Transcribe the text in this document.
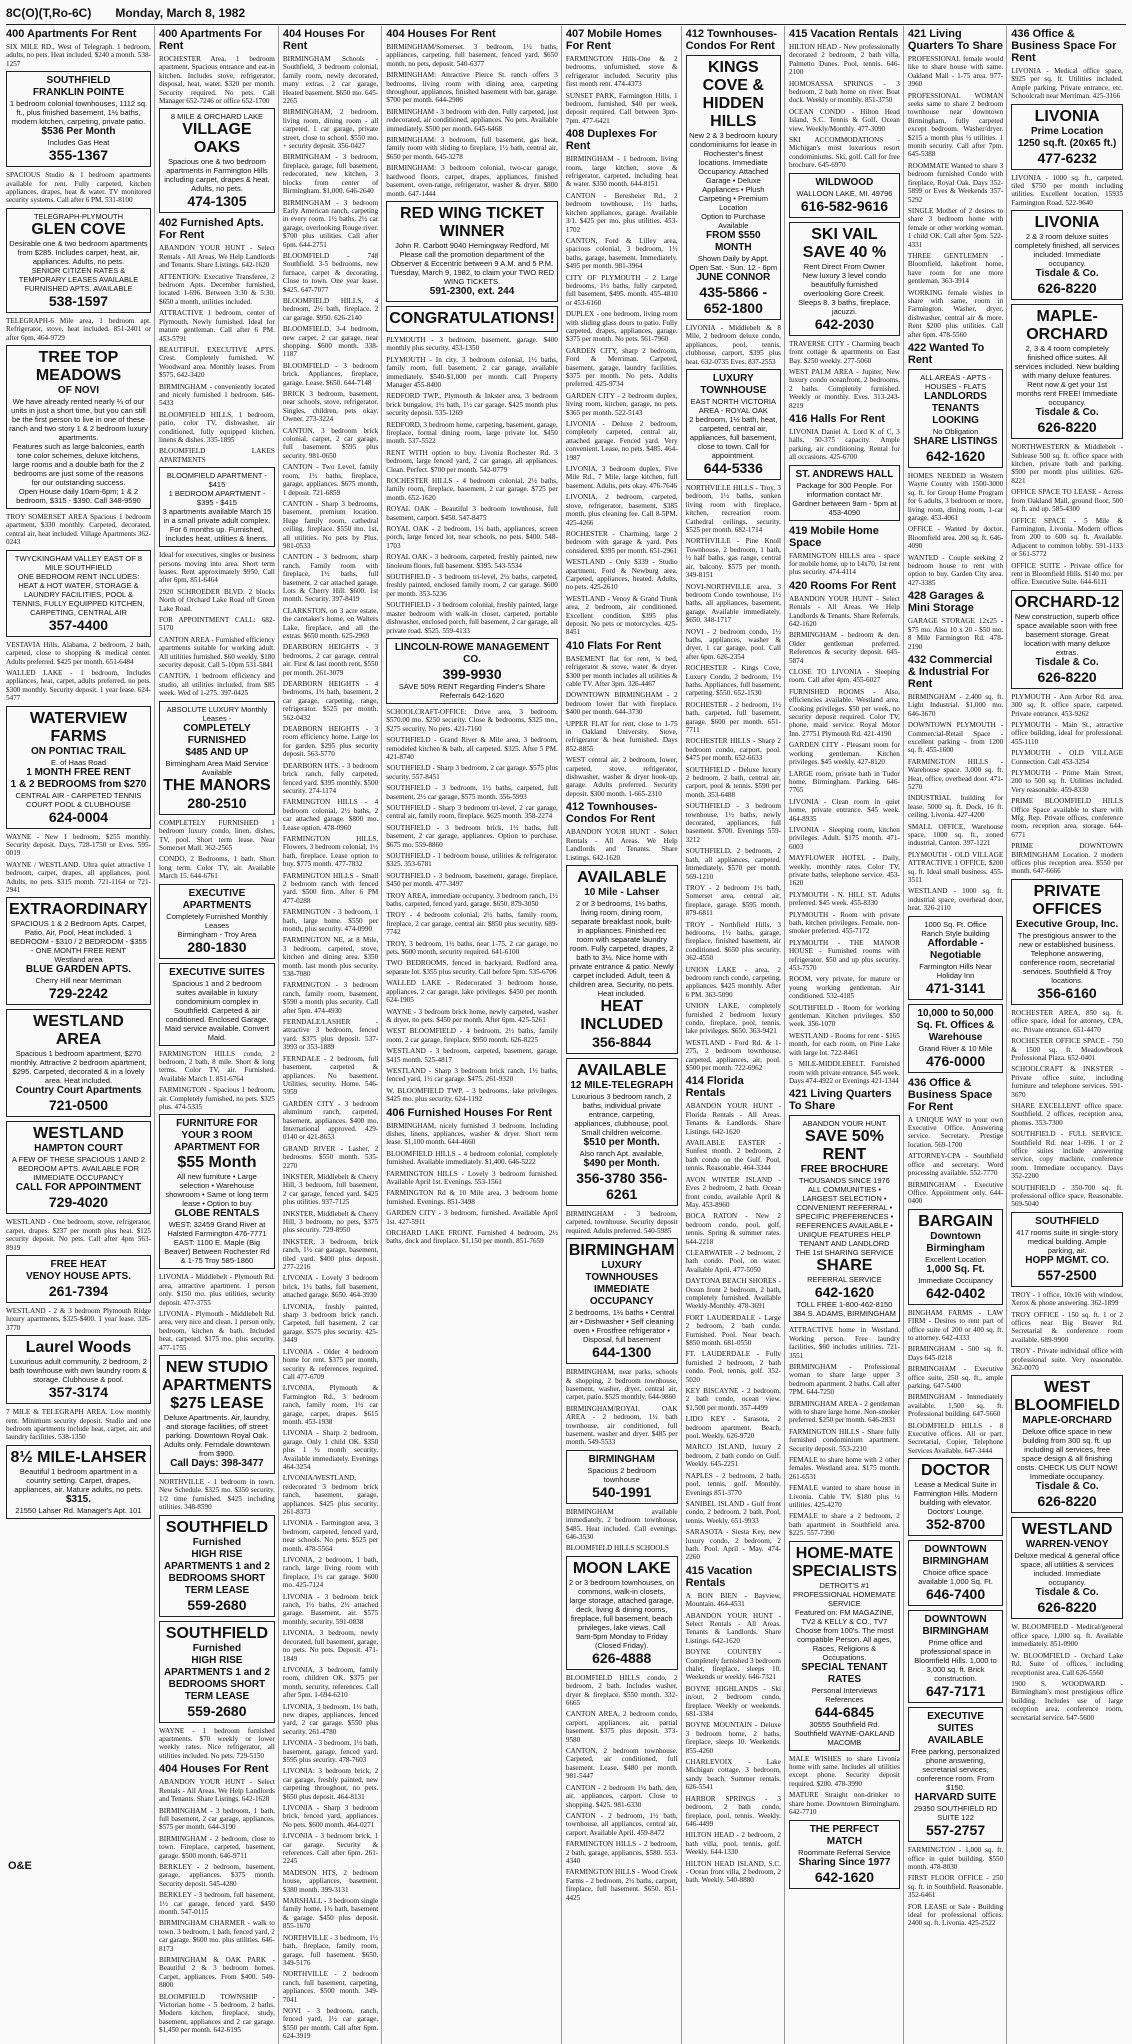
8C(O)(T,Ro-6C) Monday, March 8, 1982
400 Apartments For Rent
SIX MILE RD., West of Telegraph. 1 bedroom, adults, no pets. Heat included. $240 a month. 538-1257
SOUTHFIELD
FRANKLIN POINTE
1 bedroom colonial townhouses, 1112 sq. ft., plus finished basement, 1½ baths, modern kitchen, carpeting, private patio.
$536 Per Month
Includes Gas Heat
355-1367
SPACIOUS Studio & 1 bedroom apartments available for rent. Fully carpeted, kitchen appliances, drapes, heat & water. TV monitored security systems. Call after 6 PM. 531-8100
TELEGRAPH-PLYMOUTH
GLEN COVE
Desirable one & two bedroom apartments from $285. Includes carpet, heat, air, appliances. Adults, no pets.
SENIOR CITIZEN RATES & TEMPORARY LEASES AVAILABLE FURNISHED APTS. AVAILABLE
538-1597
TELEGRAPH-6 Mile area, 1 bedroom apt. Refrigerator, stove, heat included. 851-2401 or after 6pm, 464-9729
TREE TOP MEADOWS
OF NOVI
We have already rented nearly ⅔ of our units in just a short time, but you can still be the first person to live in one of these ranch and two story 1 & 2 bedroom luxury apartments.
Features such as large balconies, earth tone color schemes, deluxe kitchens, large rooms and a double bath for the 2 bedrooms are just some of the reasons for our outstanding success.
Open House daily 10am-6pm; 1 & 2 bedroom, $315 - $390. Call 348-9590
TROY SOMERSET AREA Spacious 1 bedroom apartment, $330 monthly. Carpeted, decorated, central air, heat included. Village Apartments 362-0243
TWYCKINGHAM VALLEY EAST OF 8 MILE SOUTHFIELD
ONE BEDROOM RENT INCLUDES: HEAT & HOT WATER, STORAGE & LAUNDRY FACILITIES, POOL & TENNIS, FULLY EQUIPPED KITCHEN, CARPETING, CENTRAL AIR
357-4400
VESTAVIA Hills, Alabama, 2 bedroom, 2 bath, carpeted, close to shopping & medical center. Adults preferred. $425 per month. 651-6484
WALLED LAKE - 1 bedroom, Includes appliances, heat, carpet, adults preferred, no pets. $300 monthly. Security deposit. 1 year lease. 624-5477
WATERVIEW FARMS
ON PONTIAC TRAIL
E. of Haas Road
1 MONTH FREE RENT
1 & 2 BEDROOMS from $270
CENTRAL AIR - CARPETED TENNIS COURT POOL & CLUBHOUSE
624-0004
WAYNE - New 1 bedroom, $255 monthly. Security deposit. Days, 728-1750 or Eves. 595-0019
WAYNE / WESTLAND. Ultra quiet attractive 1 bedroom, carpet, drapes, all appliances, pool. Adults, no pets. $315 month. 721-1164 or 721-2941
EXTRAORDINARY
SPACIOUS 1 & 2 Bedroom Apts. Carpet, Patio, Air, Pool, Heat included. 1 BEDROOM - $310 / 2 BEDROOM - $355 - ONE MONTH FREE RENT
Westland area
BLUE GARDEN APTS.
Cherry Hill near Merriman
729-2242
WESTLAND AREA
Spacious 1 bedroom apartment, $270 monthly. Attractive 2 bedroom apartment, $295. Carpeted, decorated & in a lovely area. Heat included.
Country Court Apartments
721-0500
WESTLAND
HAMPTON COURT
A FEW OF THESE SPACIOUS 1 AND 2 BEDROOM APTS. AVAILABLE FOR IMMEDIATE OCCUPANCY
CALL FOR APPOINTMENT
729-4020
WESTLAND - One bedroom, stove, refrigerator, carpet, drapes. $237 per month plus heat. $125 security deposit. No pets. Call after 4pm 563-8919
FREE HEAT
VENOY HOUSE APTS.
261-7394
WESTLAND - 2 & 3 bedroom Plymouth Ridge luxury apartments, $325-$400. 1 year lease. 326-3770
Laurel Woods
Luxurious adult community, 2 bedroom, 2 bath townhouse with own laundry room & storage. Clubhouse & pool.
357-3174
7 MILE & TELEGRAPH AREA. Low monthly rent. Minimum security deposit. Studio and one bedroom apartments include heat, carpet, air, and laundry facilities. 538-1350
8½ MILE-LAHSER
Beautiful 1 bedroom apartment in a country setting. Carpet, drapes, appliances, air. Mature adults, no pets.
$315.
21550 Lahser Rd. Manager's Apt. 101
400 Apartments For Rent
ROCHESTER Area, 1 bedroom apartment. Spacious entrance and eat-in kitchen. Includes stove, refrigerator, disposal, heat, water. $320 per month. Security required. No pets. Call Manager 652-7246 or office 652-1700
8 MILE & ORCHARD LAKE
VILLAGE OAKS
Spacious one & two bedroom apartments in Farmington Hills including carpet, drapes & heat. Adults, no pets.
474-1305
402 Furnished Apts. For Rent
ABANDON YOUR HUNT - Select Rentals - All Areas. We Help Landlords and Tenants. Share Listings. 642-1620
ATTENTION: Executive Transferee, 2 bedroom Apts. December furnished, located 1-696. Between 3:30 & 5:30. $650 a month, utilities included.
ATTRACTIVE 1 bedroom, center of Plymouth. Newly furnished. Ideal for mature gentleman. Call after 6 PM. 453-5791
BEAUTIFUL EXECUTIVE APTS. Crest. Completely furnished. W. Woodward area. Monthly leases. From $575. 642-3420
BIRMINGHAM - conveniently located and nicely furnished 1 bedroom. 646-5433
BLOOMFIELD HILLS, 1 bedroom, patio, color TV, dishwasher, air conditioned, fully equipped kitchen, linens & dishes. 335-1895
BLOOMFIELD LAKES APARTMENTS
BLOOMFIELD APARTMENT - $415
1 BEDROOM APARTMENT - $395 - $415
3 apartments available March 15 in a small private adult complex. For 6 months up. Furnished, includes heat, utilities & linens.
Ideal for executives, singles or business persons moving into area. Short term leases. Rent approximately $950. Call after 6pm, 851-6464
2920 SCHROEDER BLVD. 2 blocks North of Orchard Lake Road off Green Lake Road.
FOR APPOINTMENT CALL: 682-5170
CANTON AREA - Furnished efficiency apartments suitable for working adult. All utilities furnished. $60 weekly. $180 security deposit. Call 5-10pm 531-5841
CANTON, 1 bedroom efficiency and studio, all utilities included, from $85 week. Wed of 1-275. 397-0425
ABSOLUTE LUXURY Monthly Leases -
COMPLETELY FURNISHED
$485 AND UP
Birmingham Area Maid Service Available
THE MANORS
280-2510
COMPLETELY FURNISHED 1 bedroom luxury condo, linen, dishes, TV, pool. Short term lease. Near Somerset Mall. 362-2565
CONDO, 2 Bedrooms, 1 bath. Short long term. Color TV, air. Available March 15. 644-6761
EXECUTIVE APARTMENTS
Completely Furnished Monthly Leases
Birmingham - Troy Area
280-1830
EXECUTIVE SUITES
Spacious 1 and 2 bedroom suites available in luxury condominium complex in Southfield. Carpeted & air conditioned. Enclosed Garage. Maid service available. Convert Maid.
FARMINGTON HILLS condo, 2 bedroom, 2 bath, 8 mile. Short & long terms. Color TV, air. Furnished. Available March 1. 851-6764
FARMINGTON - Spacious 1 bedroom, air. Completely furnished, no pets. $325 plus. 474-5335
FURNITURE FOR YOUR 3 ROOM APARTMENT FOR
$55 Month
All new furniture • Large selection • Warehouse showroom • Same or long term lease • Option to buy
GLOBE RENTALS
WEST: 32459 Grand River at Halsted Farmington 476-7771 EAST: 1100 E. Maple (Big Beaver) Between Rochester Rd & 1-75 Troy 585-1860
LIVONIA - Middlebelt - Plymouth Rd. area, attractive apartment. 1 person only. $150 mo. plus utilities, security deposit. 477-3755
LIVONIA - Plymouth - Middlebelt Rd. area, very nice and clean. 1 person only, bedroom, kitchen & bath. Included heat, carpeted. $175 mo. plus security. 477-1755
NEW STUDIO APARTMENTS
$275 LEASE
Deluxe Apartments. Air, laundry, and storage facilities, off street parking. Downtown Royal Oak. Adults only. Ferndale downtown from $900.
Call Days: 398-3477
NORTHVILLE - 1 bedroom in town. New Schedule. $325 mo. $350 security. 1/2 time furnished. $425 including utilities. 348-8590
SOUTHFIELD
Furnished
HIGH RISE APARTMENTS 1 and 2 BEDROOMS SHORT TERM LEASE
559-2680
SOUTHFIELD
Furnished
HIGH RISE APARTMENTS 1 and 2 BEDROOMS SHORT TERM LEASE
559-2680
WAYNE - 1 bedroom furnished apartments. $70 weekly or lower weekly rates. Nice refrigerator, all utilities included. No pets. 729-5150
404 Houses For Rent
ABANDON YOUR HUNT - Select Rentals - All Areas. We Help Landlords and Tenants. Share Listings. 642-1620
BIRMINGHAM - 3 bedroom, 1 bath, full basement, 2 car garage, appliances. $575 per month. 644-3190
BIRMINGHAM - 2 bedroom, close to town. Fireplace, carpeted, basement, garage. $500 month. 646-9711
BERKLEY - 2 bedroom, basement, garage, appliances. $375 month. Security deposit. 545-4280
BERKLEY - 3 bedroom, full basement, 1½ car garage, fenced yard. $450 month. 547-0115
BIRMINGHAM CHARMER - walk to town. 3 bedroom, 1 bath, fenced yard, 2 car garage. $600 mo. plus utilities. 646-8173
BIRMINGHAM & OAK PARK - Beautiful 2 & 3 bedroom homes. Carpet, appliances. From $400. 549-8800
BLOOMFIELD TOWNSHIP - Victorian home - 5 bedroom, 2 baths. Modern kitchen, fireplace, study, basement, appliances and 2 car garage. $1,450 per month. 642-6195
404 Houses For Rent
BIRMINGHAM Schools - Southfield, 3 bedroom colonial, family room, newly decorated, many extras. 2 car garage, Heated basement. $650 mo. 645-2265
BIRMINGHAM, 2 bedroom, living room, dining room - all carpeted. 1 car garage, private street, close to school. $550 mo. + security deposit. 356-0427
BIRMINGHAM - 3 bedroom, fireplace, garage, full basement, redecorated, new kitchen, 3 blocks from center of Birmingham. $1,000. 646-2640
BIRMINGHAM - 3 bedroom Early American ranch, carpeting in every room. 1½ baths, 2½ car garage, overlooking Rouge river. $700 plus utilities. Call after 6pm. 644-2751
BLOOMFIELD - 748 Southfield. 3-5 bedrooms, new furnace, carpet & decorating. Close to town. One year lease. $425. 647-7077
BLOOMFIELD HILLS, 4 bedroom, 2½ bath, fireplace, 2 car garage. $950. 626-2140
BLOOMFIELD, 3-4 bedroom, new carpet, 2 car garage, near shopping. $600 month. 338-1187
BLOOMFIELD - 3 bedroom brick. Appliances, fireplace, garage. Lease. $650. 644-7148
BRICK 3 bedroom, basement, near schools, stove, refrigerator. Singles, children, pets okay. Owner. 273-3224
CANTON, 3 bedroom brick colonial, carpet, 2 car garage, full basement. $595 plus security. 981-0650
CANTON - Two Level, family room, 1½ baths, fireplace, garage, appliances. $675 month, 1 deposit. 721-6859
CANTON - Sharp 3 bedrooms, basement, premium location. Huge family room, cathedral ceiling. fireplace. $550 mo. 1st, all utilities. No pets by Plus. 981-0533
CANTON - 3 bedroom, sharp ranch. Family room with fireplace, 1½ baths, full basement. 2 car attached garage. Lots & Cherry Hill. $600. 1st month. Security. 397-8419
CLARKSTON, on 3 acre estate, the caretaker's home, on Walters Lake, fireplace, and all the extras. $650 month. 625-2969
DEARBORN HEIGHTS - 3 bedrooms, 2 car garage, central air. First & last month rent, $550 per month. 261-3079
DEARBORN HEIGHTS - 4 bedrooms, 1½ bath, basement, 2 car garage, carpeting, range, refrigerator. $525 per month. 562-0432
DEARBORN HEIGHTS - 3 room efficiency home. Large lot for garden. $295 plus security deposit. 563-5770
DEARBORN HTS. - 3 bedroom brick ranch, fully carpeted, fenced yard. $395 monthly. $500 security. 274-1174
FARMINGTON HILLS - 4 bedroom colonial, 2½ baths, 2 car attached garage. $800 mo. Lease option. 478-0960
FARMINGTON HILLS, Flowers, 3 bedroom colonial, 1½ bath, fireplace. Lease option to buy. $775 month. 477-7832
FARMINGTON HILLS - Small 2 bedroom ranch with fenced yard. $500 firm. After 6 PM 477-0288
FARMINGTON - 3 bedroom, 1 bath, large home. $550 per month, plus security. 474-0990
FARMINGTON NE, at 8 Mile, 3 bedroom, carpeted, stove, kitchen and dining area. $350 month. last month plus security. 538-7080
FARMINGTON - 3 bedroom ranch, family room, basement, $590 a month plus security. Call after 5pm. 474-4930
FERNDALE/LASHER - attractive 3 bedroom, fenced yard. $375 plus deposit. 537-3993 or 353-1889
FERNDALE - 2 bedroom, full basement, carpeted & appliances. No basement. Utilities, security. Home. 546-5959
GARDEN CITY - 3 bedroom aluminum ranch, carpeted, basement, appliances. $400 mo. International approved. 429-0140 or 421-8653
GRAND RIVER - Lasher, 2 bedrooms. $550 month. 535-2270
INKSTER, Middlebelt & Cherry Hill, 3 bedroom, full basement, 2 car garage, fenced yard. $425 plus utilities. 937-7125
INKSTER, Middlebelt & Cherry Hill, 3 bedroom, no pets, $375 plus security. 729-8950
INKSTER, 3 bedroom, brick ranch, 1½ car garage, basement, tiled yard. $400 plus deposit. 277-2216
LIVONIA - Lovely 3 bedroom brick, 1½ baths, full basement, attached garage. $650. 464-3930
LIVONIA, freshly painted, sharp 3 bedroom brick ranch. Carpeted, full basement, 2 car garage. $575 plus security. 425-3449
LIVONIA - Older 4 bedroom home for rent. $375 per month, security & references required. Call 477-6709
LIVONIA, Plymouth & Farmington Rd., 3 bedroom ranch, family room, 1½ car garage, carpet, drapes. $615 month. 453-1938
LIVONIA - Sharp 2 bedroom, garage. Only 1 child OK. $350 plus 1 ½ month security. Available immediately. Evenings 464-3254
LIVONIA/WESTLAND, redecorated 3 bedroom brick ranch, basement, garage, appliances. $425 plus security. 261-8373
LIVONIA - Farmington area, 3 bedroom, carpeted, fenced yard, near schools. No pets. $525 per month. 478-5564
LIVONIA, 2 bedroom, 1 bath, ranch, large living room with fireplace, 1½ car garage. $600 mo. 425-7124
LIVONIA - 3 bedroom brick ranch, 1½ baths, 2½ attached garage. Basement, air. $575 monthly, security. 591-0838
LIVONIA, 3 bedroom, newly decorated, full basement, garage, no pets. No pets. Deposit. 471-1849
LIVONIA, 3 bedroom, family room, children OK. $375 per month, security, references. Call after 5pm. 1-694-6210
LIVONIA, 3 bedroom, 1½ bath, new drapes, appliances, fenced yard, 2 car garage. $550 plus security. 261-4780
LIVONIA - 3 bedroom, 1½ bath, basement, garage, fenced yard. $595 plus security. 478-7603
LIVONIA: 3 bedroom brick, 2 car garage, freshly painted, new carpeting throughout, no pets. $650 plus deposit. 464-8131
LIVONIA - Sharp 3 bedroom brick, fenced yard, appliances. No pets. $600 month. 464-0271
LIVONIA - 3 bedroom brick, 1 car garage. Security & references. Call after 6pm. 261-2245
MADISON HTS, 2 bedroom house, appliances, basement. $380 month. 399-3131
MARSHALL - 3 bedroom single family home, 1½ bath, basement & garage. $450 plus deposit. 855-1670
NORTHVILLE - 3 bedroom, 1½ bath, fireplace, family room, garage, full basement. $650. 349-5176
NORTHVILLE - 2 bedroom ranch, full basement, carpeting, appliances. $500 month. 349-7041
NOVI - 3 bedroom, ranch, fenced yard, 1½ car garage. $550 per month. Call after 6pm. 624-3919
404 Houses For Rent
BIRMINGHAM/Somerset. 3 bedroom, 1½ baths, appliances, carpeting, full basement, fenced yard. $650 month, no pets, deposit. 540-6377
BIRMINGHAM: Attractive Pierce St. ranch offers 3 bedrooms, living room with dining area, carpeting throughout, appliances, finished basement with bar, garage. $700 per month. 644-2986
BIRMINGHAM - 3 bedroom with den. Fully carpeted, just redecorated, air conditioned, appliances. No pets. Available immediately. $500 per month. 645-6468
BIRMINGHAM: 3 bedroom, full basement, gas heat, family room with sliding to fireplace, 1½ bath, central air, $650 per month. 645-3278
BIRMINGHAM: 3 bedroom colonial, two-car garage, hardwood floors, carpet, drapes, appliances, finished basement, oven-range, refrigerator, washer & dryer. $800 month. 647-1444
RED WING TICKET WINNER
John R. Carbott 9040 Hemingway Redford, MI
Please call the promotion department of the Observer & Eccentric between 9 A.M. and 5 P.M. Tuesday, March 9, 1982, to claim your TWO RED WING TICKETS.
591-2300, ext. 244
CONGRATULATIONS!
PLYMOUTH - 3 bedroom, basement, garage. $400 monthly plus security. 453-1350
PLYMOUTH - In city, 3 bedroom colonial, 1½ baths, family room, full basement, 2 car garage, available immediately. $540-$1,000 per month. Call Property Manager 455-8400
REDFORD TWP., Plymouth & Inkster area, 3 bedroom brick bungalow, 1½ bath, 1½ car garage. $425 month plus security deposit. 535-1269
REDFORD, 3 bedroom home, carpeting, basement, garage, fireplace, formal dining room, large private lot. $450 month. 537-5522
RENT WITH option to buy. Livonia Rochester Rd. 3 bedroom, large fenced yard, 2 car garage, all appliances. Clean. Perfect. $700 per month. 542-0779
ROCHESTER HILLS - 4 bedroom colonial, 2½ baths, family room, fireplace, basement, 2 car garage. $725 per month. 652-1620
ROYAL OAK - Beautiful 3 bedroom townhouse, full basement, carport. $450. 547-8475
ROYAL OAK - 2 bedroom, 1½ bath, appliances, screen porch, large fenced lot, near schools, no pets. $400. 548-1703
ROYAL OAK - 3 bedroom, carpeted, freshly painted, new linoleum floors, full basement. $395. 543-5534
SOUTHFIELD - 3 bedroom tri-level, 2½ baths, carpeted, freshly painted, enclosed family room, 2 car garage. $600 per month. 353-5236
SOUTHFIELD - 3 bedroom colonial, freshly painted, large master bedroom with walk-in closet, carpeted, portable dishwasher, enclosed porch, full basement, 2 car garage, all private road. $525. 559-4133
LINCOLN-ROWE MANAGEMENT CO.
399-9930
SAVE 50% RENT Regarding Finder's Share Referrals 642-1620
SCHOOLCRAFT-OFFICE: Drive area, 3 bedroom. $570.00 mo. $250 security. Close & bedrooms, $325 mo., $275 security. No pets. 421-7160
SOUTHFIELD - Grand River & Mile area, 3 bedroom, remodeled kitchen & bath, all carpeted. $325. After 5 PM. 421-8740
SOUTHFIELD - Sharp 3 bedroom, 2 car garage. $575 plus security. 557-8451
SOUTHFIELD - 3 bedroom, 1½ baths, carpeted, full basement, 2½ car garage, $575 month. 356-5993
SOUTHFIELD - Sharp 3 bedroom tri-level, 2 car garage, central air, family room, fireplace. $625 month. 358-2274
SOUTHFIELD - 3 bedroom brick, 1½ baths, full basement, 2 car garage, appliances. Option to purchase. $675 mo. 559-8860
SOUTHFIELD - 1 bedroom house, utilities & refrigerator. $325. 353-6781
SOUTHFIELD - 3 bedroom, basement, garage, fireplace, $450 per month. 477-3497
TROY AREA, immediate occupancy. 3 bedroom ranch, 1½ baths, carpeted, fenced yard, garage. $650. 879-3050
TROY - 4 bedroom colonial, 2½ baths, family room, fireplace, 2 car garage, central air. $850 plus security. 689-7742
TROY, 3 bedroom, 1½ baths, near 1-75, 2 car garage, no pets. $600 month, security required. 641-6100
TWO BEDROOMS, fenced in backyard, Redford area, separate lot. $355 plus security. Call before 5pm. 535-6706
WALLED LAKE - Redecorated 3 bedroom house, appliances, 2 car garage, lake privileges. $450 per month. 624-1905
WAYNE - 3 bedroom brick home, newly carpeted, washer & dryer, no pets. $450 per month. After 6pm. 425-5261
WEST BLOOMFIELD - 4 bedroom, 2½ baths, family room, 2 car garage, fireplace. $950 month. 626-8225
WESTLAND - 3 bedroom, carpeted, basement, garage, $415 month. 525-4817
WESTLAND - Sharp 3 bedroom brick ranch, 1½ baths, fenced yard, 1½ car garage. $475. 261-9320
W. BLOOMFIELD TWP. - 3 bedrooms, lake privileges. $425 mo. plus security. 624-1192
406 Furnished Houses For Rent
BIRMINGHAM, nicely furnished 3 bedroom. Including dishes, linens, appliances, washer & dryer. Short term lease. $1,100 month. 644-4660
BLOOMFIELD HILLS - 4 bedroom colonial, completely furnished. Available immediately. $1,400. 646-5222
FARMINGTON HILLS - Lovely 3 bedroom furnished. Available April 1st. Evenings. 553-1561
FARMINGTON Rd & 10 Mile area, 3 bedroom home furnished. Evenings. 851-3498
GARDEN CITY - 3 bedroom, furnished. Available April 1st. 427-5911
ORCHARD LAKE FRONT. Furnished 4 bedroom, 2½ baths, dock and fireplace. $1,150 per month. 851-7659
407 Mobile Homes For Rent
FARMINGTON Hills-One & 2 bedrooms, unfurnished, stove & refrigerator included. Security plus first month rent. 474-4373
SUNSET PARK, Farmington Hills, 1 bedroom, furnished, $40 per week, deposit required. Call between 3pm-7pm. 477-6421
408 Duplexes For Rent
BIRMINGHAM - 1 bedroom, living room, large kitchen, stove & refrigerator, carpeted, including heat & water. $350 month. 644-8151
CANTON - Beresheier Rd., 2 bedroom townhouse, 1½ baths, kitchen appliances, garage. Available 3/1. $425 per mo. plus utilities. 453-1702
CANTON, Ford & Lilley area, spacious colonial, 3 bedroom, 1½ baths, garage, basement. Immediately. $495 per month. 981-3964
CITY OF PLYMOUTH - 2 Large bedrooms, 1½ baths, fully carpeted, full basement, $495. month. 455-4810 or 453-6160
DUPLEX - one bedroom, living room with sliding glass doors to patio. Fully carpeted, drapes, appliances, garage. $375 per month. No pets. 561-7960
GARDEN CITY, sharp 2 bedroom, Ford & Merriman. Carpeted, basement, garage, laundry facilities. $375 per month. No pets. Adults preferred. 425-9734
GARDEN CITY - 2 bedroom duplex, living room, kitchen, garage, no pets. $365 per month. 522-5143
LIVONIA - Deluxe 2 bedroom, completely carpeted, central air, attached garage. Fenced yard. Very convenient. Lease, no pets. $485. 464-1987
LIVONIA, 3 bedroom duplex, Five Mile Rd., 7 Mile, large kitchen, full basement. Adults, pets okay. 476-7646
LIVONIA, 2 bedroom, carpeted, stove, refrigerator, basement, $385 month, plus cleaning fee. Call 8-5PM. 425-4266
ROCHESTER - Charming, large 2 bedroom with garage & yard. Pets considered. $395 per month. 651-2961
WESTLAND - Only $339 - Studio apartment, Ford & Newburg area. Carpeted, appliances, heated. Adults, no pets. 425-2610
WESTLAND - Venoy & Grand Trunk area, 2 bedroom, air conditioned. Excellent condition. $395 plus deposit. No pets or motorcycles. 425-8451
410 Flats For Rent
BASEMENT flat for rent, ¾ bed, refrigerator & stove, water & dryer. $300 per month includes all utilities & cable TV. After 3pm. 326-4467
DOWNTOWN BIRMINGHAM - 2 bedroom lower flat with fireplace. $400 per month. 644-3730
UPPER FLAT for rent, close to 1-75 in Oakland University. Stove, refrigerator & heat furnished. Days 852-8855
WEST central air, 2 bedroom, lower, carpeted, stove, refrigerator, dishwasher, washer & dryer hook-up, garage. Adults preferred. Security deposit. $300 month. 1-665-2310
412 Townhouses-Condos For Rent
ABANDON YOUR HUNT - Select Rentals - All Areas. We Help Landlords and Tenants. Share Listings. 642-1620
AVAILABLE
10 Mile - Lahser
2 or 3 bedrooms, 1½ baths, living room, dining room, separate breakfast nook, built-in appliances. Finished rec room with separate laundry room. Fully carpeted, drapes, 2 bath to 3½. Nice home with private entrance & patio. Newly carpet included. Adult, teen & children area. Security, no pets. Heat included.
HEAT INCLUDED
356-8844
AVAILABLE
12 MILE-TELEGRAPH
Luxurious 3 bedroom ranch, 2 baths, individual private entrance, carpeting, appliances, clubhouse, pool. Small children welcome.
$510 per Month.
Also ranch Apt. available,
$490 per Month.
356-3780 356-6261
BIRMINGHAM - 3 bedroom, carpeted, townhouse. Security deposit required. Adults preferred. 540-5985
BIRMINGHAM
LUXURY TOWNHOUSES IMMEDIATE OCCUPANCY
2 bedrooms, 1½ baths • Central air • Dishwasher • Self cleaning oven • Frostfree refrigerator • Disposal, full basement
644-1300
BIRMINGHAM, near parks, schools & shopping, 2 bedroom townhouse, basement, washer, dryer, central air, carpet, patio. $525 monthly. 644-9860
BIRMINGHAM/ROYAL OAK AREA - 2 bedroom, 1½ bath townhouse, air conditioned, full basement, washer and dryer. $485 per month. 549-5533
BIRMINGHAM
Spacious 2 bedroom townhouse
540-1991
BIRMINGHAM available immediately, 2 bedroom townhouse, $485. Heat included. Call evenings. 646-3530
BLOOMFIELD HILLS SCHOOLS
MOON LAKE
2 or 3 bedroom townhouses, on commons, walk-in closets, large storage, attached garage, deck, living & dining rooms, fireplace, full basement, beach privileges, lake views. Call 9am-5pm Monday to Friday (Closed Friday).
626-4888
BLOOMFIELD HILLS condo, 2 bedroom, 2 bath. Includes washer, dryer & fireplace. $550 month. 332-6665
CANTON AREA, 2 bedroom condo, carport, appliances, air, partial basement. $375 plus deposit. 373-9580
CANTON, 2 bedroom townhouse. Carpeted, air conditioned, full basement. Lease. $480 per month. 981-5447
CANTON - 2 bedroom 1½ bath, den, air, appliances, carport. Close to shopping. $425. 981-6330
CANTON - 2 bedroom, 1½ bath, townhouse, all appliances, central air, carport. Available April. 459-8472
FARMINGTON HILLS - 2 bedroom, 2 bath, garage, appliances, $580. 553-4340
FARMINGTON HILLS - Wood Creek Farms - 2 bedroom, 2½ baths, carport, fireplace, full basement. $650. 851-4425
412 Townhouses-Condos For Rent
KINGS COVE & HIDDEN HILLS
New 2 & 3 bedroom luxury condominiums for lease in Rochester's finest locations. Immediate Occupancy. Attached Garage • Deluxe Appliances • Plush Carpeting • Premium Location
Option to Purchase Available
FROM $550 MONTH
Shown Daily by Appt. Open Sat. - Sun. 12 - 6pm
JUNE CONNOR
435-5866 - 652-1800
LIVONIA - Middlebelt & 8 Mile, 2 bedroom deluxe condo, appliances, pool, tennis, clubhouse, carport, $395 plus heat. 632-0735 Eves. 837-2553
LUXURY TOWNHOUSE
EAST NORTH VICTORIA AREA - ROYAL OAK
2 bedroom, 1½ bath, heat, carpeted, central air, appliances, full basement, close to town. Call for appointment.
644-5336
NORTHVILLE HILLS - Troy, 3 bedroom, 1½ baths, sunken living room with fireplace, kitchen, recreation room. Cathedral ceilings, security. $525 per month. 682-1714
NORTHVILLE - Pine Knoll Townhouse, 2 bedroom, 1 bath, ½ half baths, gas range, central air, balcony. $575 per month. 349-8151
NOVI-NORTHVILLE area, 3 bedroom Condo townhouse, 1½ baths, all appliances, basement, garage. Available immediately. $650. 348-1717
NOVI - 2 bedroom condo, 1½ baths, appliances, washer & dryer, 1 car garage, pool. Call after 6pm. 626-2354
ROCHESTER - Kings Cove, Luxury Condo, 2 bedroom, 1½ baths. Appliances, full basement, carpeting. $550. 652-1530
ROCHESTER - 2 bedroom, 1½ bath, carpeted, full basement, garage. $600 per month. 651-7711
ROCHESTER HILLS - Sharp 2 bedroom condo, carport, pool. $475 per month. 652-6633
SOUTHFIELD - Deluxe luxury 2 bedroom, 2 bath, central air, carport, pool & tennis. $590 per month. 353-6488
SOUTHFIELD - 3 bedroom townhouse, 1½ baths, newly decorated, appliances, full basement. $700. Evenings 559-3212
SOUTHFIELD, 2 bedroom, 2 bath, all appliances, carpeted. Immediately. $570 per month. 569-1210
TROY - 2 bedroom 1½ bath, Somerset area, central air, fireplace, garage. $595 month. 879-6811
TROY - Northfield Hills, 3 bedrooms, 1½ baths, garage, fireplace, finished basement, air conditioned. $650 plus security. 362-4550
UNION LAKE - area, 2 bedroom ranch condo, carpeting, appliances. $425 monthly. After 6 PM. 363-5090
UNION LAKE, completely furnished 2 bedroom luxury condo, fireplace, pool, tennis, lake privileges. $650. 363-9421
WESTLAND - Ford Rd. & 1-275, 2 bedroom townhouse, carpeted, appliances, air, pool. $500 per month. 722-6962
414 Florida Rentals
ABANDON YOUR HUNT - Florida Rentals - All Areas. Tenants & Landlords. Share Listings. 642-1620
AVAILABLE EASTER - Sunfest month. 2 bedroom, 2 bath condo on the Gulf. Pool, tennis. Reasonable. 464-3344
AVON WINTER ISLAND - Eves 2 bedroom, 2 bath. Ocean front condo, available April & May. 453-8960
BOCA RATON - New 2 bedroom condo, pool, golf, tennis. Spring & summer rates. 644-2218
CLEARWATER - 2 bedroom, 2 bath condo. Pool, on water. Available April. 477-5050
DAYTONA BEACH SHORES - Ocean front 2 bedroom, 2 bath, completely furnished. Available Weekly-Monthly. 478-3691
FORT LAUDERDALE - Large 2 bedroom, 2 bath condo. Furnished. Pool. Near beach. $850 month. 681-0550
FT. LAUDERDALE - Fully furnished 2 bedroom, 2 bath condo. Pool, tennis, golf. 352-5020
KEY BISCAYNE - 2 bedroom, 2 bath condo, ocean view. $1,500 per month. 357-4499
LIDO KEY - Sarasota, 2 bedroom apartment. Beach, pool. Weekly. 626-9720
MARCO ISLAND, luxury 2 bedroom, 2 bath condo on Gulf. Weekly. 645-2251
NAPLES - 2 bedroom, 2 bath, pool, tennis, golf. Monthly. Evenings 851-3770
SANIBEL ISLAND - Gulf front condo, 2 bedroom, 2 bath. Pool, tennis. Weekly. 651-9933
SARASOTA - Siesta Key, new luxury condo, 2 bedroom, 2 bath. Pool. April - May. 474-2260
415 Vacation Rentals
A BON BIEN - Bayview, Mountain. 464-4531
ABANDON YOUR HUNT - Select Rentals - All Areas. Tenants & Landlords. Share Listings. 642-1620
BOYNE COUNTRY - Completely furnished 3 bedroom chalet, fireplace, sleeps 10. Weekends or weekly. 646-7321
BOYNE HIGHLANDS - Ski in/out, 2 bedroom condo, fireplace. Weekly or weekends. 681-3384
BOYNE MOUNTAIN - Deluxe 3 bedroom home, 2 baths, fireplace, sleeps 10. Weekends. 855-4260
CHARLEVOIX - Lake Michigan cottage, 3 bedroom, sandy beach. Summer rentals. 626-5541
HARBOR SPRINGS - 3 bedroom, 2 bath condo, fireplace, pool, tennis. Weekly. 646-4499
HILTON HEAD - 2 bedroom, 2 bath villa, pool, tennis, golf. Weekly. 644-1330
HILTON HEAD ISLAND, S.C. - Ocean front villa, 2 bedroom, 2 bath. Weekly. 540-8880
415 Vacation Rentals
HILTON HEAD - New professionally decorated 2 bedroom, 2 bath villa, Palmetto Dunes. Pool, tennis. 646-2100
HOMOSASSA SPRINGS - 3 bedroom, 2 bath home on river. Boat dock. Weekly or monthly. 851-3750
OCEAN CONDO - Hilton Head Island, S.C. Tennis & Golf. Ocean view. Weekly/Monthly. 477-3090
SKI ACCOMMODATIONS - Michigan's most luxurious resort condominiums. Ski, golf. Call for free brochure. 645-6970
WILDWOOD
WALLOON LAKE, MI. 49796
616-582-9616
SKI VAIL
SAVE 40 %
Rent Direct From Owner
New luxury 3 level condo beautifully furnished overlooking Gore Creek. Sleeps 8. 3 baths, fireplace, jacuzzi.
642-2030
TRAVERSE CITY - Charming beach front cottage & apartments on East Bay. $250 weekly. 277-5060
WEST PALM AREA - Jupiter, New luxury condo oceanfront, 2 bedrooms, 2 baths. Completely furnished. Weekly or monthly. Eves. 313-243-8219
416 Halls For Rent
LIVONIA Daniel A. Lord K of C, 3 halls, 50-375 capacity. Ample parking, air conditioning. Rental for all occasions. 425-6700
ST. ANDREWS HALL
Package for 300 People. For information contact Mr. Gardner between 9am - 5pm at 453-4090
419 Mobile Home Space
FARMINGTON HILLS area - space for mobile home, up to 14x70, 1st rent plus security. 474-4114
420 Rooms For Rent
ABANDON YOUR HUNT - Select Rentals - All Areas. We Help Landlords & Tenants. Share Referrals. 642-1620
BIRMINGHAM - bedroom & den. Older gentleman preferred. References & security deposit. 645-5874
CLOSE TO LIVONIA - Sleeping room. Call after 4pm. 455-6027
FURNISHED ROOMS - Also, efficiencies available. Westland area. Cooking privileges. $50 per week, no security deposit required. Color TV, phone, maid service. Royal Motor Inn. 27751 Plymouth Rd. 421-4190
GARDEN CITY - Pleasant room for working gentleman. Kitchen privileges. $45 weekly. 427-8120
LARGE room, private bath in Tudor home, Birmingham. Parking. 646-7765
LIVONIA - Clean room in quiet home, private entrance. $45 week. 464-8935
LIVONIA - Sleeping room, kitchen privileges. Adult. $175 month. 471-6003
MAYFLOWER HOTEL - Daily, weekly, monthly rates. Color TV, private baths, telephone service. 453-1620
PLYMOUTH - N. HILL ST. Adults preferred. $45 week. 455-8330
PLYMOUTH - Room with private bath, kitchen privileges. Female, non-smoker preferred. 455-7172
PLYMOUTH - THE MANOR HOUSE - Furnished rooms with refrigerator. $50 and up plus security. 453-7570
ROOM, very private, for mature or young working gentleman. Air conditioned. 532-4185
SOUTHFIELD - Room for working gentleman. Kitchen privileges. $50 week. 356-1070
WESTLAND - Rooms for rent - $165 month, for each room, on Pine Lake with large lot. 722-8461
5 MILE-MIDDLEBELT. Furnished room with private entrance. $45 week. Days 474-4922 or Evenings 421-1344
421 Living Quarters To Share
ABANDON YOUR HUNT
SAVE 50% RENT
FREE BROCHURE
THOUSANDS SINCE 1976 ALL COMMUNITIES • LARGEST SELECTION • CONVENIENT REFERRAL • SPECIFIC PREFERENCES • REFERENCES AVAILABLE • UNIQUE FEATURES HELP TENANT AND LANDLORD THE 1st SHARING SERVICE
SHARE
REFERRAL SERVICE
642-1620
TOLL FREE 1-800-462-8150 384 S. ADAMS, BIRMINGHAM
ATTRACTIVE home in Westland. Working person. Free laundry facilities, $60 includes utilities. 721-3551
BIRMINGHAM - Professional woman to share large upper 3 bedroom apartment. 2 baths. Call after 7PM. 644-7250
BIRMINGHAM AREA - 2 gentleman with to share large home. Non-smoker preferred. $250 per month. 646-2831
FARMINGTON HILLS - Share fully furnished condominium apartment. Security deposit. 553-2210
FEMALE to share home with 2 other females. Westland area. $175 month. 261-6531
FEMALE wanted to share house in Livonia. Cable TV. $180 plus ½ utilities. 425-4270
FEMALE to share a 2 bedroom, 2 bath apartment in Southfield area. $225. 557-7390
HOME-MATE SPECIALISTS
DETROIT'S #1 PROFESSIONAL HOMEMATE SERVICE
Featured on: FM MAGAZINE, TV2 & KELLY & CO., TV7
Choose from 100's. The most compatible Person. All ages, Races, Religions & Occupations.
SPECIAL TENANT RATES
Personal Interviews References
644-6845
30555 Southfield Rd. Southfield WAYNE-OAKLAND MACOMB
MALE WISHES to share Livonia home with same. Includes all utilities except phone. Security deposit required. $200. 478-3990
MATURE Straight non-drinker to share home. Downtown Birmingham. 642-7710
THE PERFECT MATCH
Roommate Referral Service
Sharing Since 1977
642-1620
421 Living Quarters To Share
PROFESSIONAL female would like to share house with same. Oakland Mall - 1-75 area. 977-3960
PROFESSIONAL WOMAN seeks same to share 2 bedroom townhouse near downtown Birmingham, fully carpeted except bedroom. Washer/dryer. $215 a month plus ½ utilities. 1 month security. Call after 7pm. 645-5388
ROOMMATE Wanted to share 3 bedroom furnished Condo with fireplace, Royal Oak. Days 352-5899 or Eves & Weekends 357-5292
SINGLE Mother of 2 desires to share 3 bedroom home with female or other working woman. 1 child OK. Call after 5pm. 522-4331
THREE GENTLEMEN - Bloomfield, lakefront home, have room for one more gentleman. 363-3914
WORKING female wishes to share with same, room in Farmington. Washer, dryer, dishwasher, central air & more. Rent $200 plus utilities. Call after 6pm. 478-5560
422 Wanted To Rent
ALL AREAS - APTS - HOUSES - FLATS
LANDLORDS
TENANTS LOOKING
No Obligation
SHARE LISTINGS
642-1620
HOMES NEEDED in Western Wayne County with 1500-3000 sq. ft. for Group Home Program for 6 adults, 3 bedroom or more, living room, dining room, 1-car garage. 453-4061
OFFICE - Wanted by doctor. Bloomfield area. 200 sq. ft. 646-4090
WANTED - Couple seeking 2 bedroom house to rent with option to buy. Garden City area. 427-3385
428 Garages & Mini Storage
GARAGE STORAGE 12x25 - $75 mo. Also 10 x 20 - $50 mo. 8 Mile Farmington Rd. 478-2190
432 Commercial & Industrial For Rent
BIRMINGHAM - 2,400 sq. ft. Light Industrial. $1,000 mo. 646-3670
DOWNTOWN PLYMOUTH - Commercial-Retail Space - excellent parking - from 1200 sq. ft. 455-1600
FARMINGTON HILLS - Warehouse space. 3,000 sq. ft. Heat, office, overhead door. 471-5270
INDUSTRIAL building for lease. 5000 sq. ft. Dock, 16 ft. ceiling. Livonia. 427-4200
SMALL OFFICE, Warehouse space, 1000 sq. ft., zoned industrial, Canton. 397-1221
PLYMOUTH - OLD VILLAGE ATTRACTIVE 1 OFFICE, $200 sq. ft. Ideal small business. 455-3511
WESTLAND - 1000 sq. ft. industrial space, overhead door, heat. 326-2110
1000 Sq. Ft. Office
Ranch Style building
Affordable - Negotiable
Farmington Hills Near Holiday Inn
471-3141
10,000 to 50,000 Sq. Ft. Offices & Warehouse
Grand River & 10 Mile
476-0000
436 Office & Business Space For Rent
A UNIQUE WAY to your own Executive Office. Answering service. Secretary. Prestige location. 569-1700
ATTORNEY-CPA - Southfield office and secretary. Word processing available. 552-7770
BIRMINGHAM - Executive Office. Appointment only. 644-0400
BARGAIN
Downtown Birmingham
Excellent Location
1,000 Sq. Ft.
Immediate Occupancy
642-0402
BINGHAM FARMS - LAW FIRM - Desires to rent part of office suite of 200 or 400 sq. ft. to attorney. 642-4333
BIRMINGHAM - 500 sq. ft. Days 645-0218
BIRMINGHAM - Executive office suite, 250 sq. ft., ample parking. 647-5400
BIRMINGHAM - Immediately available. 1,500 sq. ft. Professional building. 647-5660
BLOOMFIELD HILLS - 8 Executive offices. All or part. Secretarial, Copier, Telephone Services Available. 647-3444
DOCTOR
Lease a Medical Suite in Farmington Hills. Modern building with elevator. Doctors' Lounge.
352-8700
DOWNTOWN BIRMINGHAM
Choice office space available 1,000 Sq. Ft.
646-7400
DOWNTOWN BIRMINGHAM
Prime office and professional space in Bloomfield Hills. 1,000 to 3,000 sq. ft. Brick construction.
647-7171
EXECUTIVE SUITES AVAILABLE
Free parking, personalized phone answering, secretarial services, conference room. From $150.
HARVARD SUITE
29350 SOUTHFIELD RD SUITE 122
557-2757
FARMINGTON - 1,000 sq. ft. office in quiet building. $550 month. 478-8030
FIRST FLOOR OFFICE - 250 sq. ft. in Southfield. Reasonable. 352-6461
FOR LEASE or Sale - Building ideal for professional offices. 2400 sq. ft. Livonia. 425-2522
436 Office & Business Space For Rent
LIVONIA - Medical office space, $925 per sq. ft. Utilities included. Ample parking. Private entrance, etc. Schoolcraft near Merriman. 425-3166
LIVONIA
Prime Location
1250 sq.ft. (20x65 ft.)
477-6232
LIVONIA - 1000 sq. ft., carpeted, tiled $750 per month including utilities. Excellent location. 15935 Farmington Road. 522-9640
LIVONIA
2 & 3 room deluxe suites completely finished, all services included. Immediate occupancy.
Tisdale & Co.
626-8220
MAPLE-ORCHARD
2, 3 & 4 room completely finished office suites. All services included. New building with many deluxe features. Rent now & get your 1st months rent FREE! Immediate occupancy.
Tisdale & Co.
626-8220
NORTHWESTERN & Middlebelt - Sublease 500 sq. ft. office space with kitchen, private bath and parking. $500 per month plus utilities. 626-8221
OFFICE SPACE TO LEASE - Across from Oakland Mall, ground floor, 500 sq. ft. and up. 585-4300
OFFICE SPACE - 5 Mile & Farmington, Livonia. Modern offices from 200 to 600 sq. ft. Available. Adjacent to common lobby. 591-1133 or 561-5772
OFFICE SUITE - Private office for rent in Bloomfield Hills. $140 mo. per office. Executive Suite. 644-6111
ORCHARD-12
New construction, superb office space available soon with free basement storage. Great location with many deluxe extras.
Tisdale & Co.
626-8220
PLYMOUTH - Ann Arbor Rd. area, 300 sq. ft. office space, carpeted. Private entrance. 453-9262
PLYMOUTH - Main St., attractive office building, ideal for professional. 455-1110
PLYMOUTH - OLD VILLAGE Connection. Call 453-3254
PLYMOUTH - Prime Main Street, 200 to 500 sq. ft. Utilities included. Very reasonable. 459-8330
PRIME BLOOMFIELD HILLS Office Space available to share with Mfg. Rep. Private offices, conference room, reception area, storage. 644-6771
PRIME DOWNTOWN BIRMINGHAM Location. 2 modern offices plus reception area. $550 per month. 647-6666
PRIVATE OFFICES
Executive Group, Inc.
The prestigious answer to the new or established business. Telephone answering, conference room, secretarial services. Southfield & Troy locations.
356-6160
ROCHESTER AREA, 850 sq. ft. office space, ideal for attorney, CPA, etc. Private entrance. 651-4470
ROCHESTER OFFICE SPACE - 750 & 1500 sq. ft. Meadowbrook Professional Plaza. 652-0401
SCHOOLCRAFT & INKSTER - Private office suite, including furniture and telephone services. 591-3670
SHARE EXCELLENT office space. Southfield. 2 offices, reception area, phones. 353-7300
SOUTHFIELD - FULL SERVICE. Southfield Rd. near 1-696. 1 or 2 office suites include answering service, copy machine, conference room. Immediate occupancy. Days 352-2200
SOUTHFIELD - 350-700 sq. ft. professional office space. Reasonable. 569-5040
SOUTHFIELD
417 rooms suite in single-story medical building. Ample parking, air.
HOPP MGMT. CO.
557-2500
TROY - 1 office, 10x16 with window, Xerox & phone answering. 362-1899
TROY OFFICE - 150 sq. ft. 1 or 2 offices near Big Beaver Rd. Secretarial & conference room available. 689-9900
TROY - Private individual office with professional suite. Very reasonable. 362-0070
WEST BLOOMFIELD
MAPLE-ORCHARD
Deluxe office space in new building from 300 sq. ft. up including all services, free space design & all finishing costs. CHECK US OUT NOW! Immediate occupancy.
Tisdale & Co.
626-8220
WESTLAND
WARREN-VENOY
Deluxe medical & general office space, all utilities & services included. Immediate occupancy.
Tisdale & Co.
626-8220
W. BLOOMFIELD - Medical/general office space, 1,000 sq. ft. Available immediately. 851-0900
W. BLOOMFIELD - Orchard Lake Rd. Suite of offices, including receptionist area. Call 626-5560
1900 S. WOODWARD - Birmingham's most prestigious office building. Includes use of large reception area, conference room, secretarial service. 647-5600
O&E
